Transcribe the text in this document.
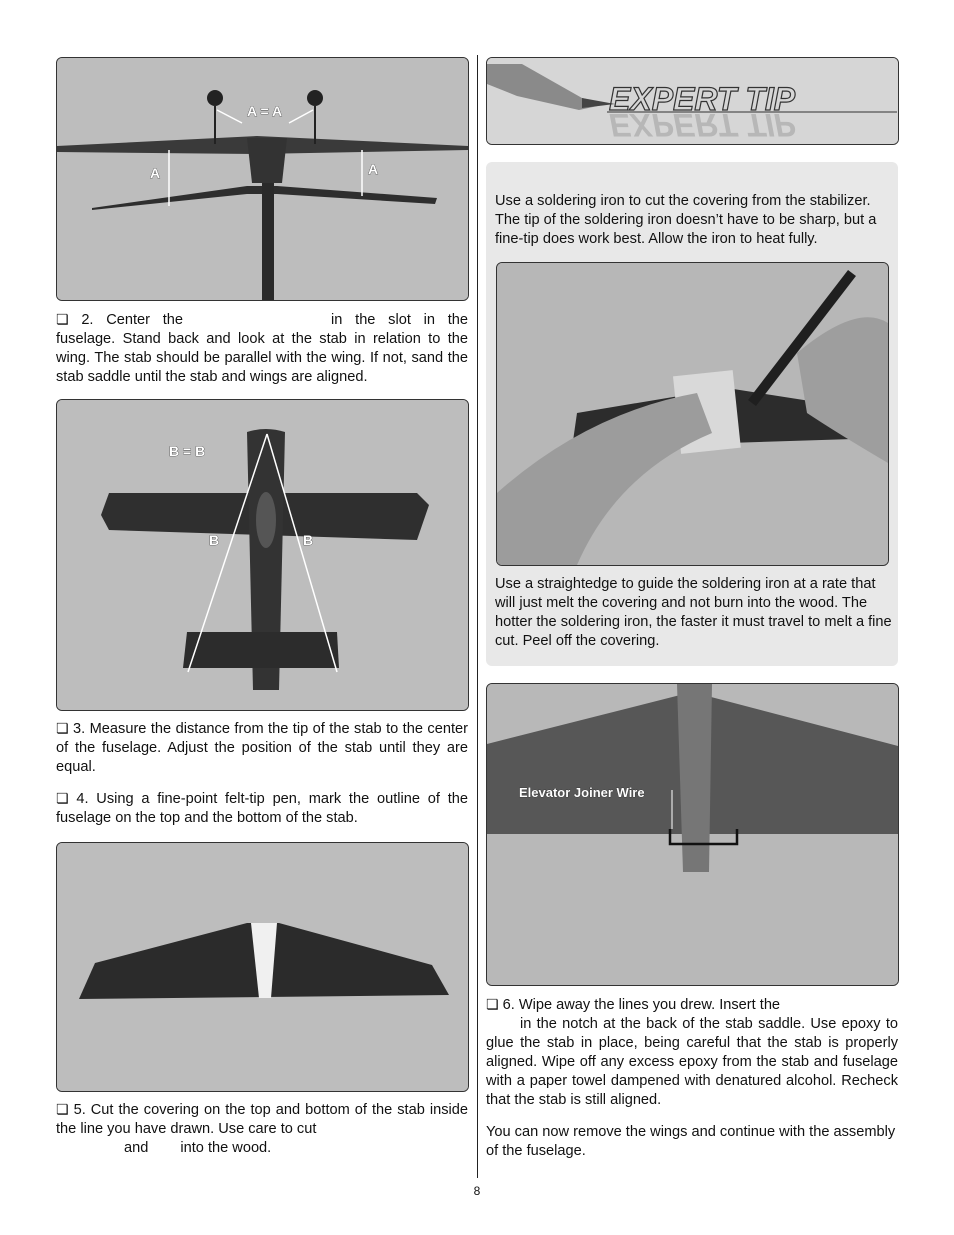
A = A
A	A

❏ 2. Center the	in the slot in the fuselage. Stand back and look at the stab in relation to the wing. The stab should be parallel with the wing. If not, sand the stab saddle until the stab and wings are aligned.

B = B
B	B

❏ 3. Measure the distance from the tip of the stab to the center of the fuselage. Adjust the position of the stab until they are equal.

❏ 4. Using a fine-point felt-tip pen, mark the outline of the fuselage on the top and the bottom of the stab.

❏ 5. Cut the covering on the top and bottom of the stab inside the line you have drawn. Use care to cut
and into the wood.

EXPERT TIP
EXPERT TIP

Use a soldering iron to cut the covering from the stabilizer. The tip of the soldering iron doesn’t have to be sharp, but a fine-tip does work best. Allow the iron to heat fully.

Use a straightedge to guide the soldering iron at a rate that will just melt the covering and not burn into the wood. The hotter the soldering iron, the faster it must travel to melt a fine cut. Peel off the covering.

Elevator Joiner Wire

❏ 6. Wipe away the lines you drew. Insert the
in the notch at the back of the stab saddle. Use epoxy to glue the stab in place, being careful that the stab is properly aligned. Wipe off any excess epoxy from the stab and fuselage with a paper towel dampened with denatured alcohol. Recheck that the stab is still aligned.

You can now remove the wings and continue with the assembly of the fuselage.

8
